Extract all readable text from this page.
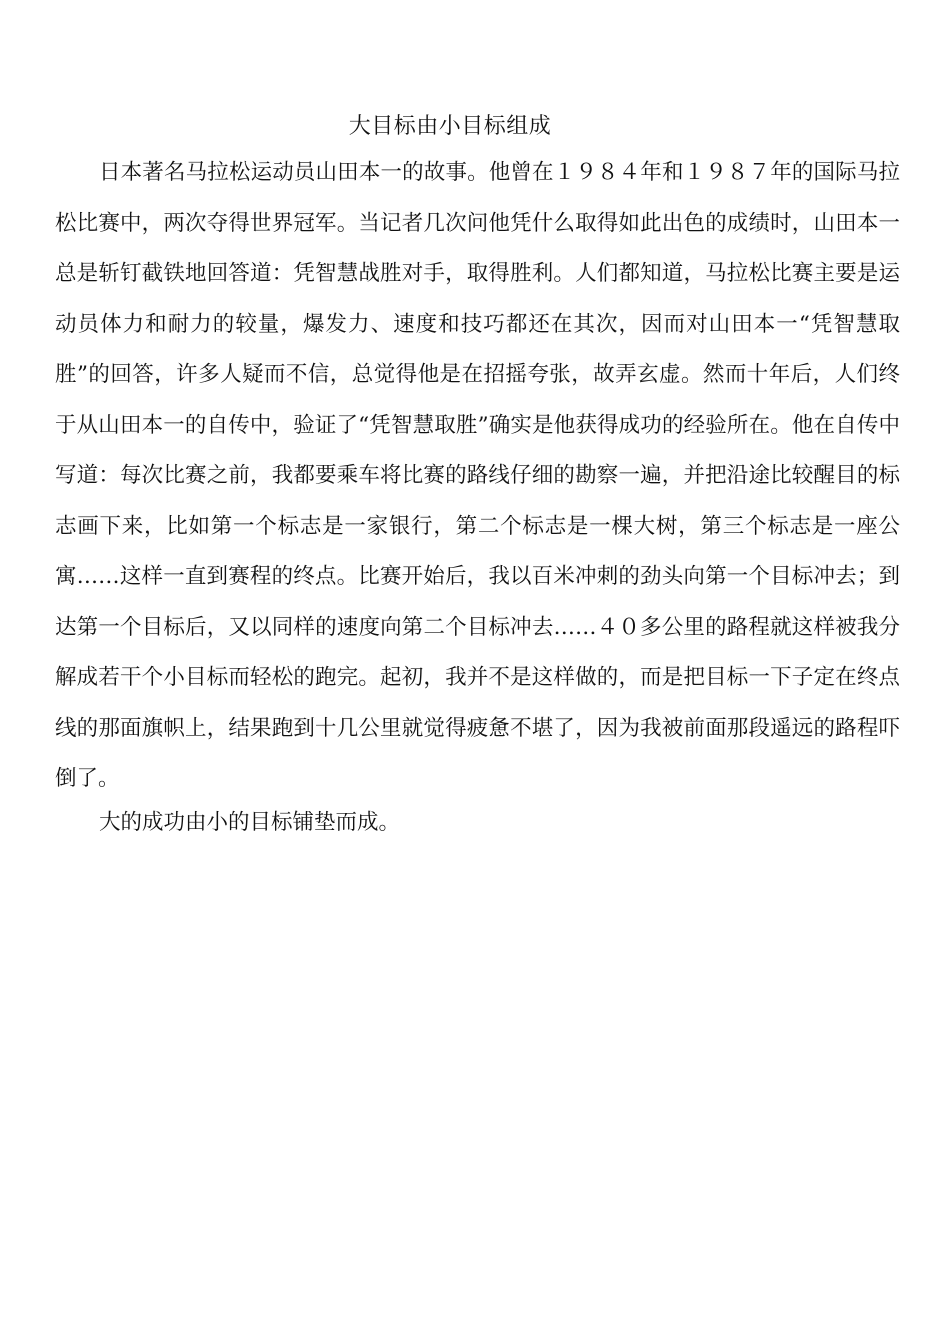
大目标由小目标组成

日本著名马拉松运动员山田本一的故事。他曾在１９８４年和１９８７年的国际马拉松比赛中，两次夺得世界冠军。当记者几次问他凭什么取得如此出色的成绩时，山田本一总是斩钉截铁地回答道：凭智慧战胜对手，取得胜利。人们都知道，马拉松比赛主要是运动员体力和耐力的较量，爆发力、速度和技巧都还在其次，因而对山田本一“凭智慧取胜”的回答，许多人疑而不信，总觉得他是在招摇夸张，故弄玄虚。然而十年后，人们终于从山田本一的自传中，验证了“凭智慧取胜”确实是他获得成功的经验所在。他在自传中写道：每次比赛之前，我都要乘车将比赛的路线仔细的勘察一遍，并把沿途比较醒目的标志画下来，比如第一个标志是一家银行，第二个标志是一棵大树，第三个标志是一座公寓……这样一直到赛程的终点。比赛开始后，我以百米冲刺的劲头向第一个目标冲去；到达第一个目标后，又以同样的速度向第二个目标冲去……４０多公里的路程就这样被我分解成若干个小目标而轻松的跑完。起初，我并不是这样做的，而是把目标一下子定在终点线的那面旗帜上，结果跑到十几公里就觉得疲惫不堪了，因为我被前面那段遥远的路程吓倒了。

大的成功由小的目标铺垫而成。
